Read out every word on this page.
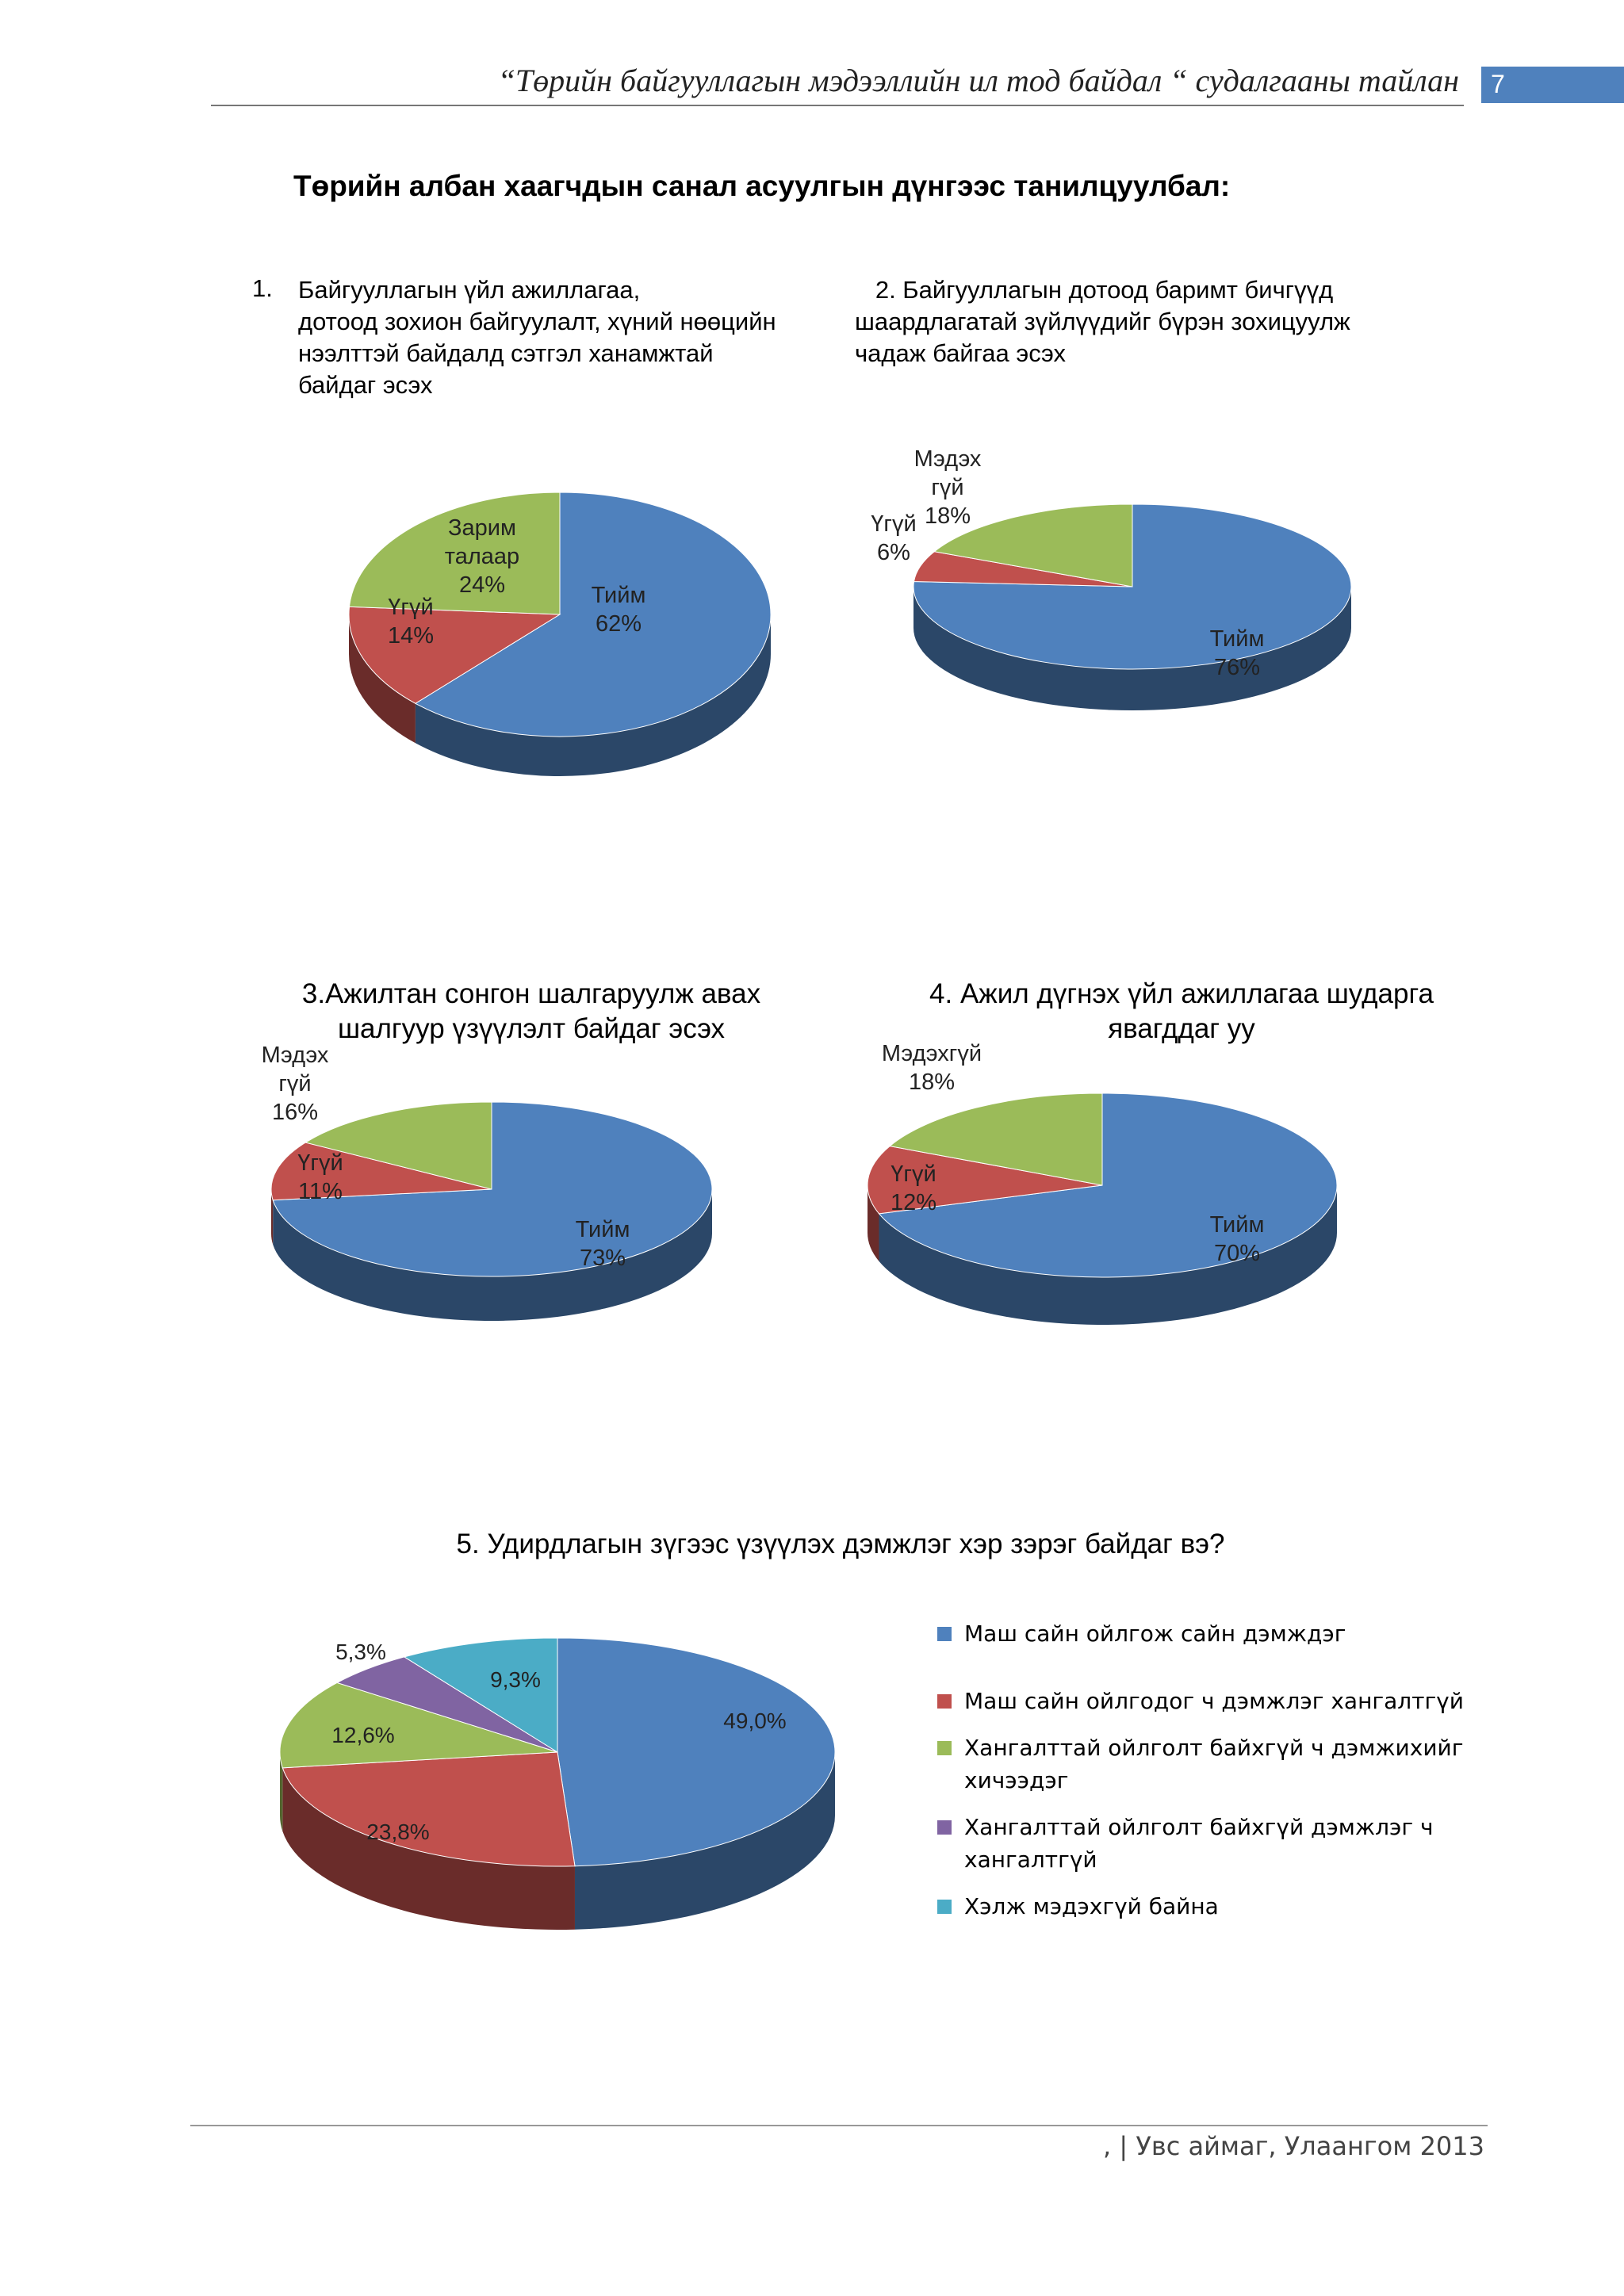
“Төрийн байгууллагын мэдээллийн ил тод байдал “ судалгааны тайлан 7
Төрийн албан хаагчдын санал асуулгын дүнгээс танилцуулбал:
1. Байгууллагын үйл ажиллагаа,
дотоод зохион байгуулалт, хүний нөөцийн
нээлттэй байдалд сэтгэл ханамжтай
байдаг эсэх
2. Байгууллагын дотоод баримт бичгүүд
шаардлагатай зүйлүүдийг бүрэн зохицуулж
чадаж байгаа эсэх
3.Ажилтан сонгон шалгаруулж авах
шалгуур үзүүлэлт байдаг эсэх
4. Ажил дүгнэх үйл ажиллагаа шударга
явагддаг уу
5. Удирдлагын зүгээс үзүүлэх дэмжлэг хэр зэрэг байдаг вэ?
Тийм 62%
Үгүй 14%
Зарим талаар 24%
Тийм 76%
Үгүй 6%
Мэдэх гүй 18%
Тийм 73%
Үгүй 11%
Мэдэх гүй 16%
Тийм 70%
Үгүй 12%
Мэдэхгүй 18%
49,0%
23,8%
12,6%
5,3%
9,3%
Маш сайн ойлгож сайн дэмждэг
Маш сайн ойлгодог ч дэмжлэг хангалтгүй
Хангалттай ойлголт байхгүй ч дэмжихийг хичээдэг
Хангалттай ойлголт байхгүй дэмжлэг ч хангалтгүй
Хэлж мэдэхгүй байна
, | Увс аймаг, Улаангом 2013
